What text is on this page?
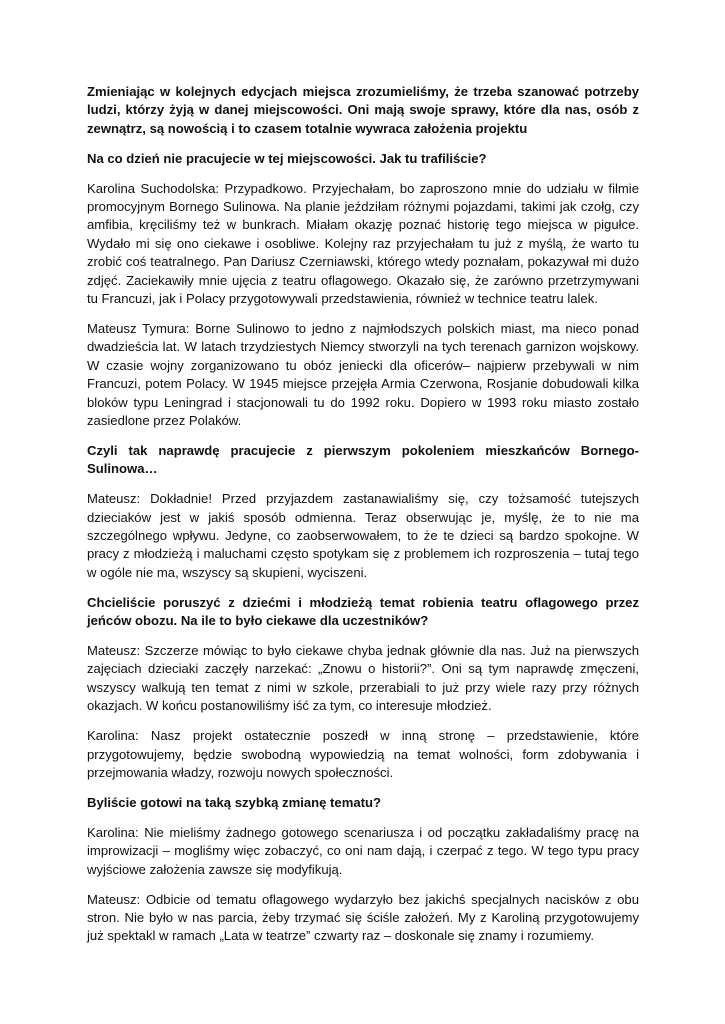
Zmieniając w kolejnych edycjach miejsca zrozumieliśmy, że trzeba szanować potrzeby ludzi, którzy żyją w danej miejscowości. Oni mają swoje sprawy, które dla nas, osób z zewnątrz, są nowością i to czasem totalnie wywraca założenia projektu

Na co dzień nie pracujecie w tej miejscowości. Jak tu trafiliście?

Karolina Suchodolska: Przypadkowo. Przyjechałam, bo zaproszono mnie do udziału w filmie promocyjnym Bornego Sulinowa. Na planie jeździłam różnymi pojazdami, takimi jak czołg, czy amfibia, kręciliśmy też w bunkrach. Miałam okazję poznać historię tego miejsca w pigułce. Wydało mi się ono ciekawe i osobliwe. Kolejny raz przyjechałam tu już z myślą, że warto tu zrobić coś teatralnego. Pan Dariusz Czerniawski, którego wtedy poznałam, pokazywał mi dużo zdjęć. Zaciekawiły mnie ujęcia z teatru oflagowego. Okazało się, że zarówno przetrzymywani tu Francuzi, jak i Polacy przygotowywali przedstawienia, również w technice teatru lalek.

Mateusz Tymura: Borne Sulinowo to jedno z najmłodszych polskich miast, ma nieco ponad dwadzieścia lat. W latach trzydziestych Niemcy stworzyli na tych terenach garnizon wojskowy. W czasie wojny zorganizowano tu obóz jeniecki dla oficerów– najpierw przebywali w nim Francuzi, potem Polacy. W 1945 miejsce przejęła Armia Czerwona, Rosjanie dobudowali kilka bloków typu Leningrad i stacjonowali tu do 1992 roku. Dopiero w 1993 roku miasto zostało zasiedlone przez Polaków.

Czyli tak naprawdę pracujecie z pierwszym pokoleniem mieszkańców Bornego-Sulinowa…

Mateusz: Dokładnie! Przed przyjazdem zastanawialiśmy się, czy tożsamość tutejszych dzieciaków jest w jakiś sposób odmienna. Teraz obserwując je, myślę, że to nie ma szczególnego wpływu. Jedyne, co zaobserwowałem, to że te dzieci są bardzo spokojne. W pracy z młodzieżą i maluchami często spotykam się z problemem ich rozproszenia – tutaj tego w ogóle nie ma, wszyscy są skupieni, wyciszeni.

Chcieliście poruszyć z dziećmi i młodzieżą temat robienia teatru oflagowego przez jeńców obozu. Na ile to było ciekawe dla uczestników?

Mateusz: Szczerze mówiąc to było ciekawe chyba jednak głównie dla nas. Już na pierwszych zajęciach dzieciaki zaczęły narzekać: „Znowu o historii?”. Oni są tym naprawdę zmęczeni, wszyscy walkują ten temat z nimi w szkole, przerabiali to już przy wiele razy przy różnych okazjach. W końcu postanowiliśmy iść za tym, co interesuje młodzież.

Karolina: Nasz projekt ostatecznie poszedł w inną stronę – przedstawienie, które przygotowujemy, będzie swobodną wypowiedzią na temat wolności, form zdobywania i przejmowania władzy, rozwoju nowych społeczności.

Byliście gotowi na taką szybką zmianę tematu?

Karolina: Nie mieliśmy żadnego gotowego scenariusza i od początku zakładaliśmy pracę na improwizacji – mogliśmy więc zobaczyć, co oni nam dają, i czerpać z tego. W tego typu pracy wyjściowe założenia zawsze się modyfikują.

Mateusz: Odbicie od tematu oflagowego wydarzyło bez jakichś specjalnych nacisków z obu stron. Nie było w nas parcia, żeby trzymać się ściśle założeń. My z Karoliną przygotowujemy już spektakl w ramach „Lata w teatrze” czwarty raz – doskonale się znamy i rozumiemy.
